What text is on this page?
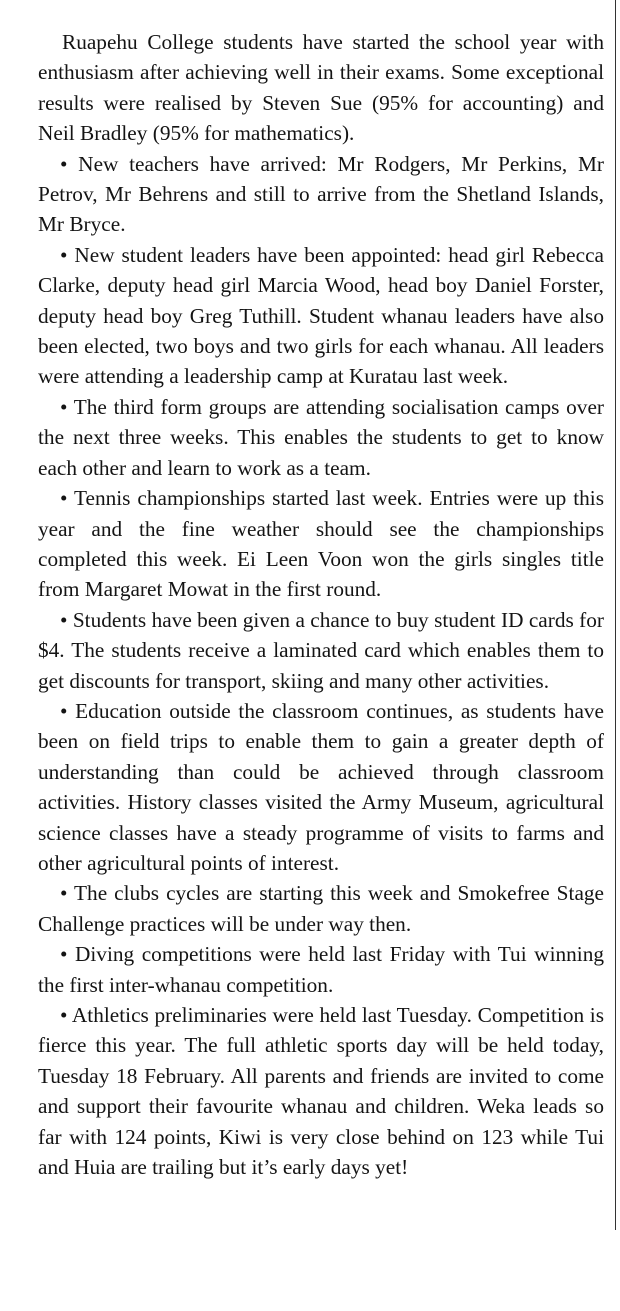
Ruapehu College students have started the school year with enthusiasm after achieving well in their exams. Some exceptional results were realised by Steven Sue (95% for accounting) and Neil Bradley (95% for mathematics).

• New teachers have arrived: Mr Rodgers, Mr Perkins, Mr Petrov, Mr Behrens and still to arrive from the Shetland Islands, Mr Bryce.

• New student leaders have been appointed: head girl Rebecca Clarke, deputy head girl Marcia Wood, head boy Daniel Forster, deputy head boy Greg Tuthill. Student whanau leaders have also been elected, two boys and two girls for each whanau. All leaders were attending a leadership camp at Kuratau last week.

• The third form groups are attending socialisation camps over the next three weeks. This enables the students to get to know each other and learn to work as a team.

• Tennis championships started last week. Entries were up this year and the fine weather should see the championships completed this week. Ei Leen Voon won the girls singles title from Margaret Mowat in the first round.

• Students have been given a chance to buy student ID cards for $4. The students receive a laminated card which enables them to get discounts for transport, skiing and many other activities.

• Education outside the classroom continues, as students have been on field trips to enable them to gain a greater depth of understanding than could be achieved through classroom activities. History classes visited the Army Museum, agricultural science classes have a steady programme of visits to farms and other agricultural points of interest.

• The clubs cycles are starting this week and Smokefree Stage Challenge practices will be under way then.

• Diving competitions were held last Friday with Tui winning the first inter-whanau competition.

• Athletics preliminaries were held last Tuesday. Competition is fierce this year. The full athletic sports day will be held today, Tuesday 18 February. All parents and friends are invited to come and support their favourite whanau and children. Weka leads so far with 124 points, Kiwi is very close behind on 123 while Tui and Huia are trailing but it’s early days yet!
